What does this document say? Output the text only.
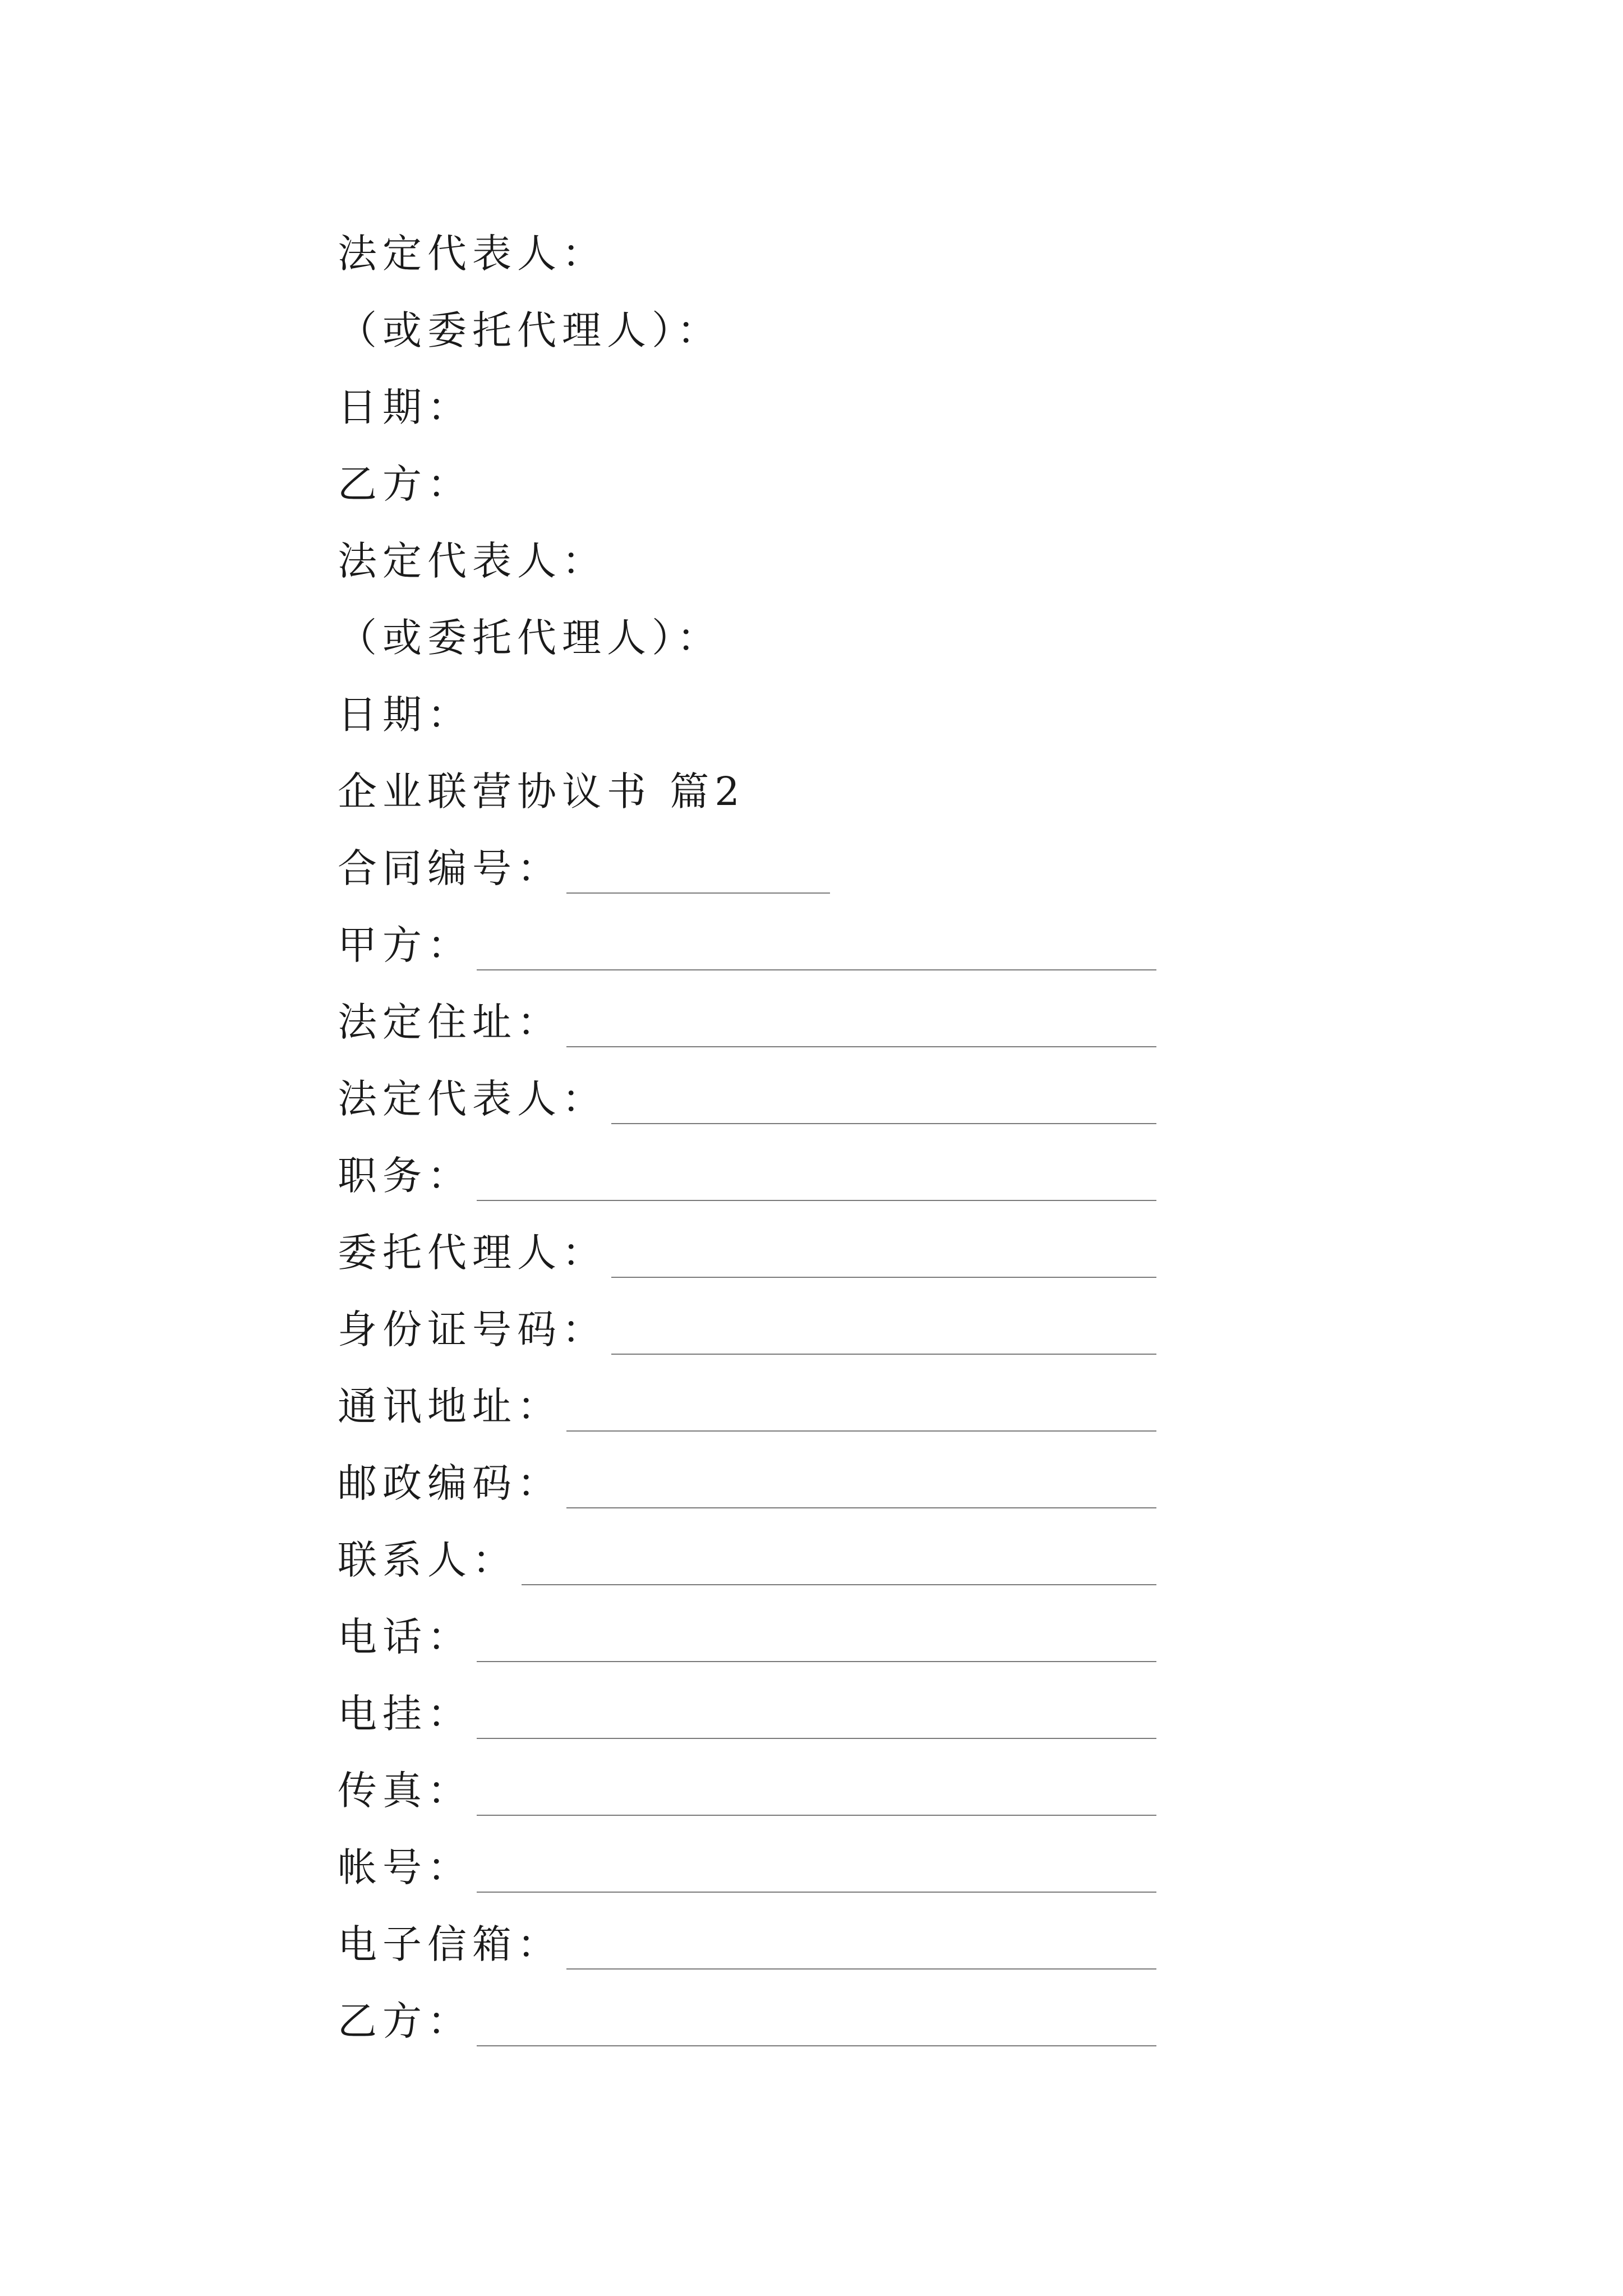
法定代表人：
（或委托代理人）：
日期：
乙方：
法定代表人：
（或委托代理人）：
日期：
企业联营协议书 篇2
合同编号：
甲方：
法定住址：
法定代表人：
职务：
委托代理人：
身份证号码：
通讯地址：
邮政编码：
联系人：
电话：
电挂：
传真：
帐号：
电子信箱：
乙方：
